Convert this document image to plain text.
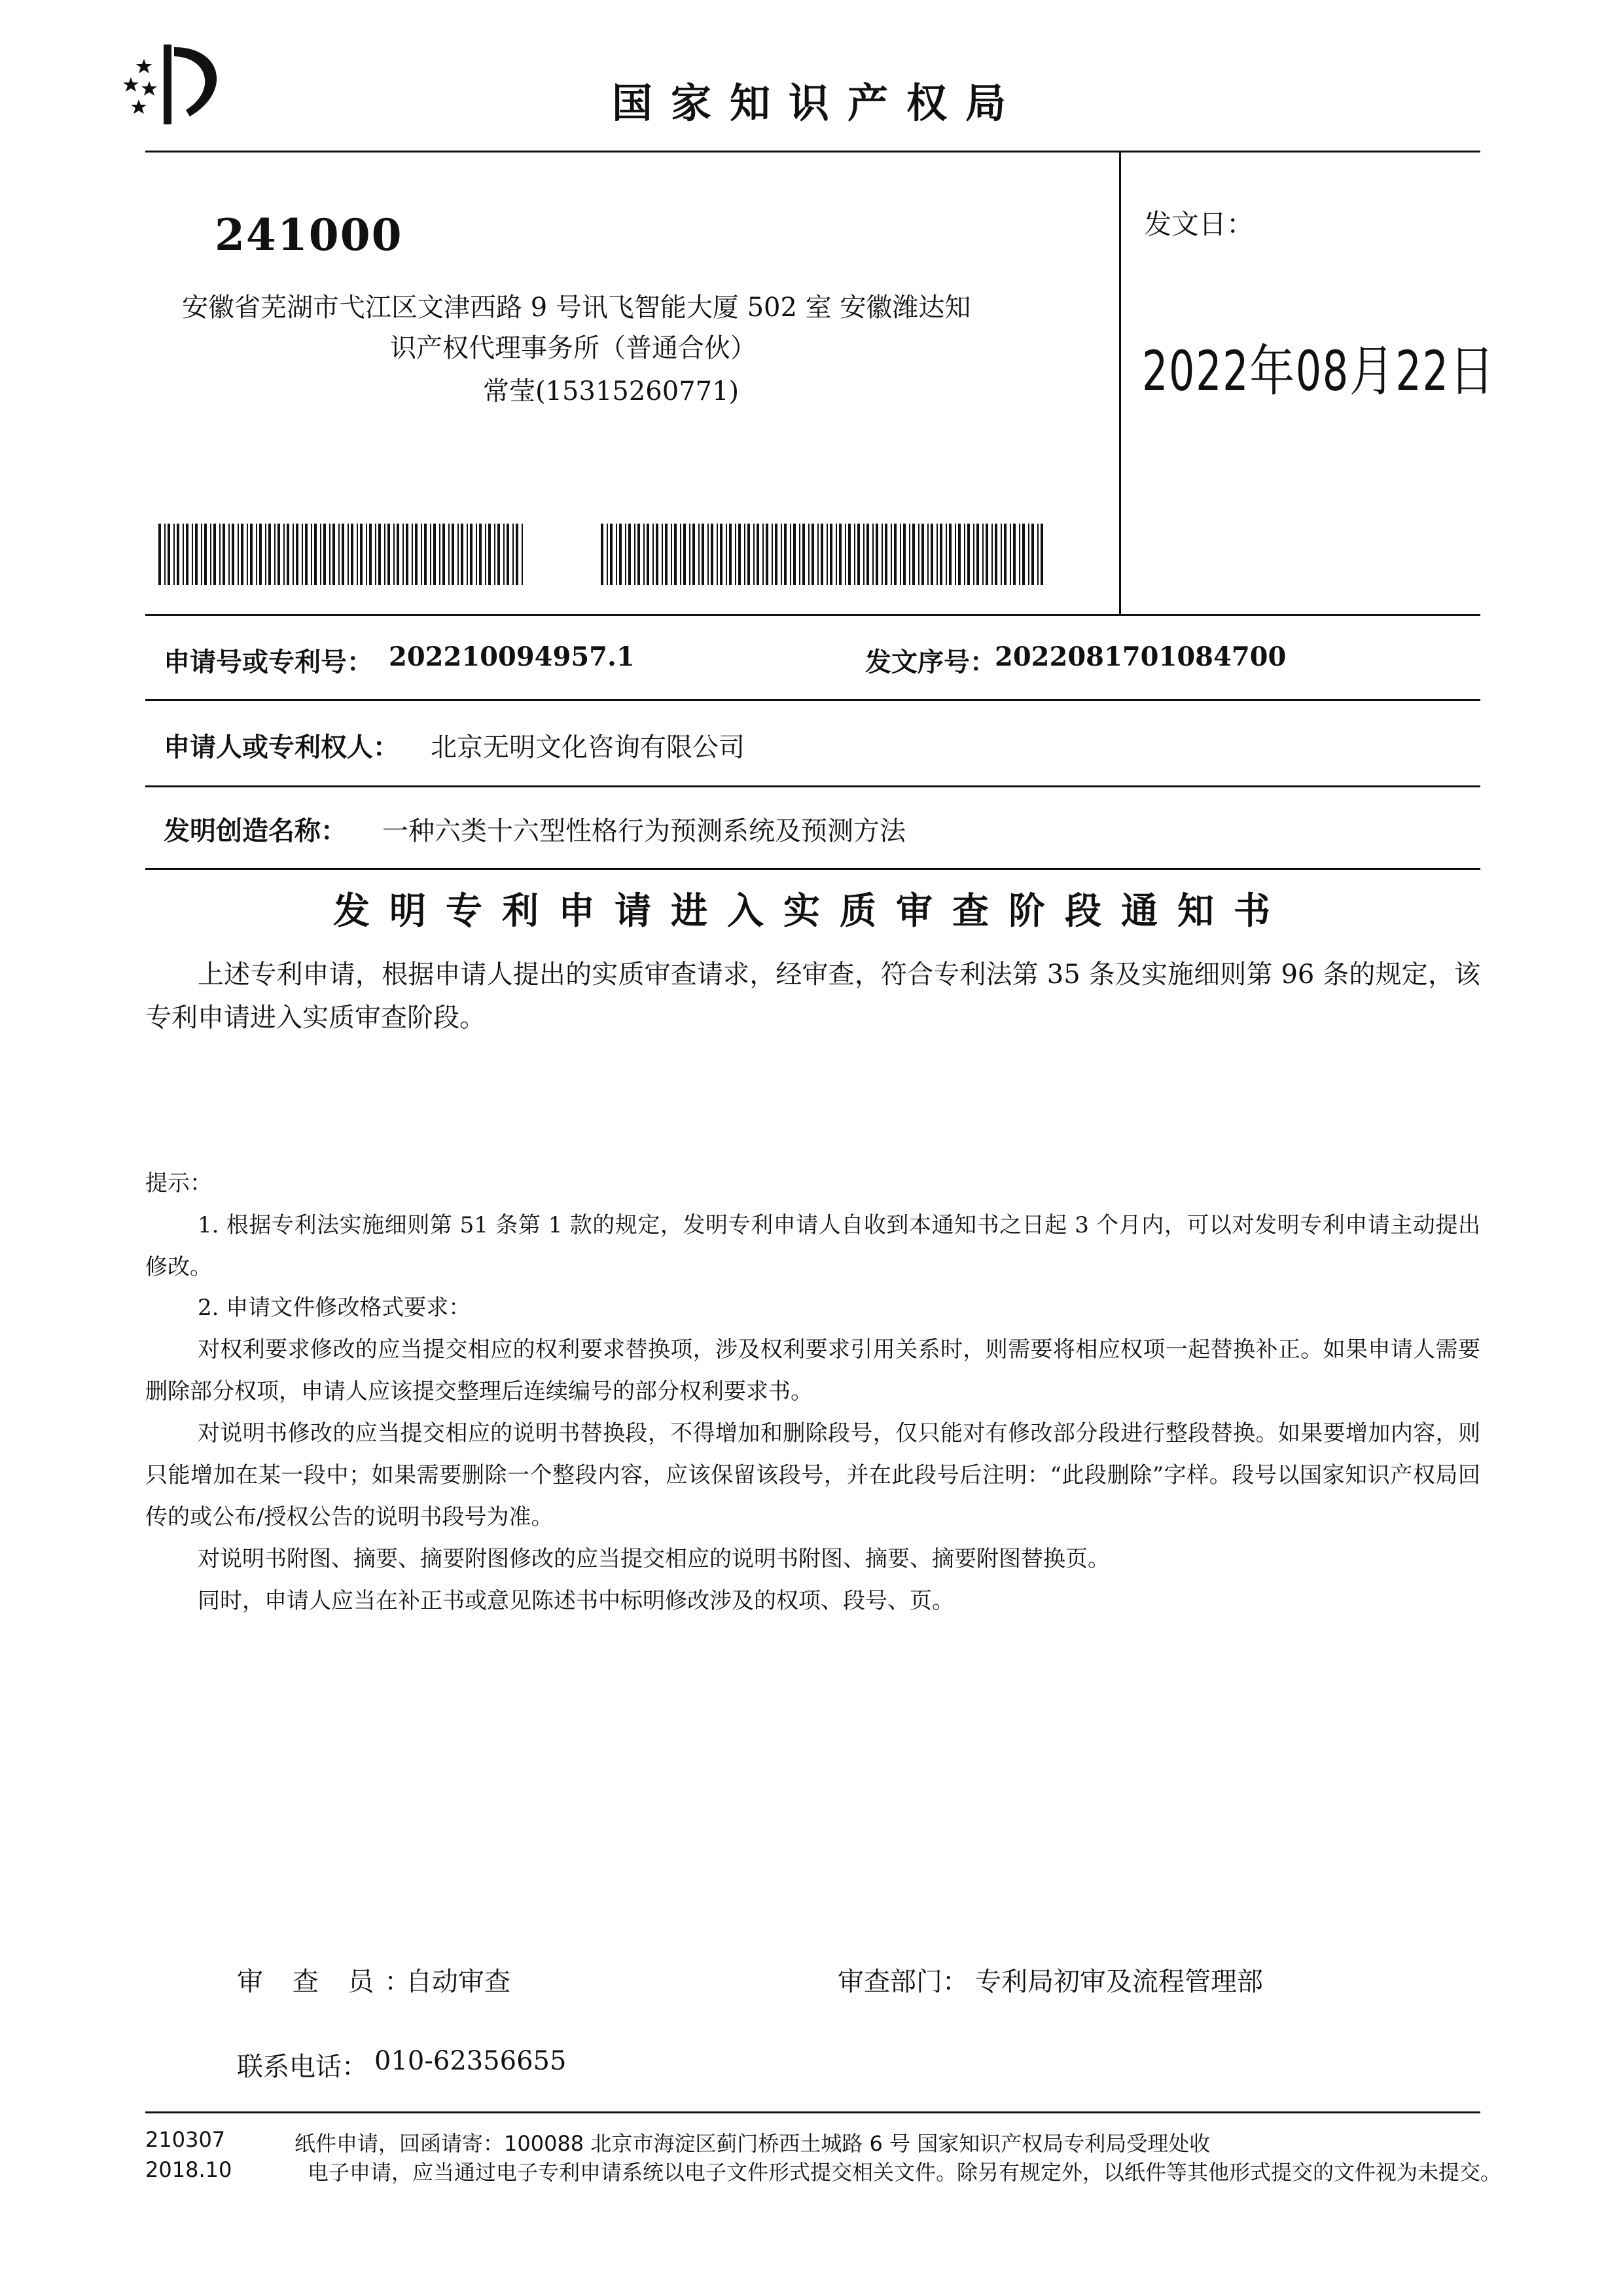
国家知识产权局
241000
安徽省芜湖市弋江区文津西路 9 号讯飞智能大厦 502 室 安徽潍达知
识产权代理事务所（普通合伙）
常莹(15315260771)
发文日：
2022年08月22日
申请号或专利号： 202210094957.1	发文序号：
2022081701084700
申请人或专利权人： 北京无明文化咨询有限公司
发明创造名称： 一种六类十六型性格行为预测系统及预测方法
发明专利申请进入实质审查阶段通知书
上述专利申请，根据申请人提出的实质审查请求，经审查，符合专利法第 35 条及实施细则第 96 条的规定，该专利申请进入实质审查阶段。
提示：
1. 根据专利法实施细则第 51 条第 1 款的规定，发明专利申请人自收到本通知书之日起 3 个月内，可以对发明专利申请主动提出修改。
2. 申请文件修改格式要求：
对权利要求修改的应当提交相应的权利要求替换项，涉及权利要求引用关系时，则需要将相应权项一起替换补正。如果申请人需要删除部分权项，申请人应该提交整理后连续编号的部分权利要求书。
对说明书修改的应当提交相应的说明书替换段，不得增加和删除段号，仅只能对有修改部分段进行整段替换。如果要增加内容，则只能增加在某一段中；如果需要删除一个整段内容，应该保留该段号，并在此段号后注明：“此段删除”字样。段号以国家知识产权局回传的或公布/授权公告的说明书段号为准。
对说明书附图、摘要、摘要附图修改的应当提交相应的说明书附图、摘要、摘要附图替换页。
同时，申请人应当在补正书或意见陈述书中标明修改涉及的权项、段号、页。
审 查 员：
自动审查	审查部门： 专利局初审及流程管理部
联系电话： 010-62356655
210307
2018.10
纸件申请，回函请寄：100088 北京市海淀区蓟门桥西土城路 6 号 国家知识产权局专利局受理处收
电子申请，应当通过电子专利申请系统以电子文件形式提交相关文件。除另有规定外，以纸件等其他形式提交的文件视为未提交。
